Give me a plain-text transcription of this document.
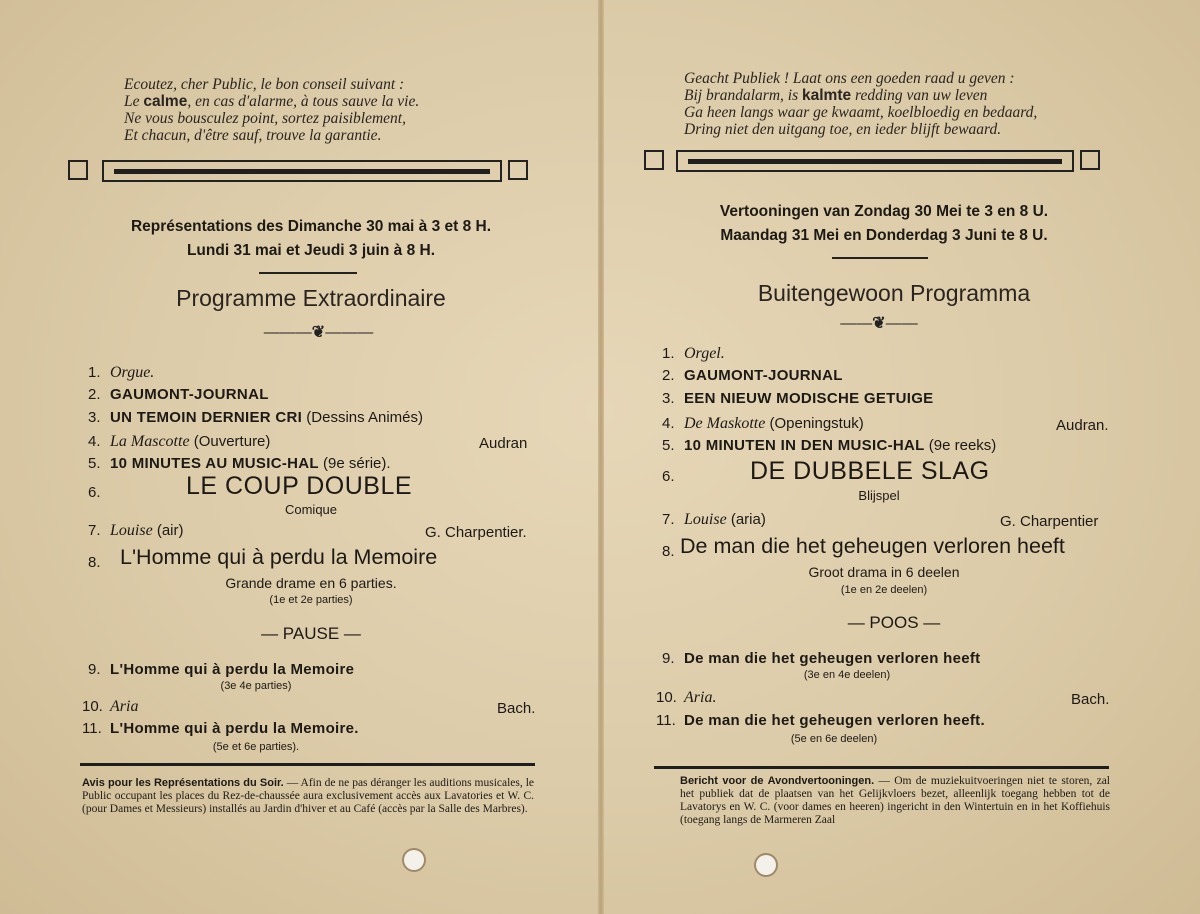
Ecoutez, cher Public, le bon conseil suivant :
Le calme, en cas d'alarme, à tous sauve la vie.
Ne vous bousculez point, sortez paisiblement,
Et chacun, d'être sauf, trouve la garantie.
Représentations des Dimanche 30 mai à 3 et 8 H.
Lundi 31 mai et Jeudi 3 juin à 8 H.
Programme Extraordinaire
———❦———
1. Orgue.
2. GAUMONT-JOURNAL
3. UN TEMOIN DERNIER CRI (Dessins Animés)
4. La Mascotte (Ouverture)	Audran
5. 10 MINUTES AU MUSIC-HAL (9e série).
6.	LE COUP DOUBLE
Comique
7. Louise (air)	G. Charpentier.
8. L'Homme qui à perdu la Memoire
Grande drame en 6 parties.
(1e et 2e parties)
— PAUSE —
9. L'Homme qui à perdu la Memoire
(3e 4e parties)
10. Aria	Bach.
11. L'Homme qui à perdu la Memoire.
(5e et 6e parties).
Avis pour les Représentations du Soir. — Afin de ne pas déranger les auditions musicales, le Public occupant les places du Rez-de-chaussée aura exclusivement accès aux Lavatories et W. C. (pour Dames et Messieurs) installés au Jardin d'hiver et au Café (accès par la Salle des Marbres).
Geacht Publiek ! Laat ons een goeden raad u geven :
Bij brandalarm, is kalmte redding van uw leven
Ga heen langs waar ge kwaamt, koelbloedig en bedaard,
Dring niet den uitgang toe, en ieder blijft bewaard.
Vertooningen van Zondag 30 Mei te 3 en 8 U.
Maandag 31 Mei en Donderdag 3 Juni te 8 U.
Buitengewoon Programma
——❦——
1. Orgel.
2. GAUMONT-JOURNAL
3. EEN NIEUW MODISCHE GETUIGE
4. De Maskotte (Openingstuk)	Audran.
5. 10 MINUTEN IN DEN MUSIC-HAL (9e reeks)
6.	DE DUBBELE SLAG
Blijspel
7. Louise (aria)	G. Charpentier
8. De man die het geheugen verloren heeft
Groot drama in 6 deelen
(1e en 2e deelen)
— POOS —
9. De man die het geheugen verloren heeft
(3e en 4e deelen)
10. Aria.	Bach.
11. De man die het geheugen verloren heeft.
(5e en 6e deelen)
Bericht voor de Avondvertooningen. — Om de muziekuitvoeringen niet te storen, zal het publiek dat de plaatsen van het Gelijkvloers bezet, alleenlijk toegang hebben tot de Lavatorys en W. C. (voor dames en heeren) ingericht in den Wintertuin en in het Koffiehuis (toegang langs de Marmeren Zaal
